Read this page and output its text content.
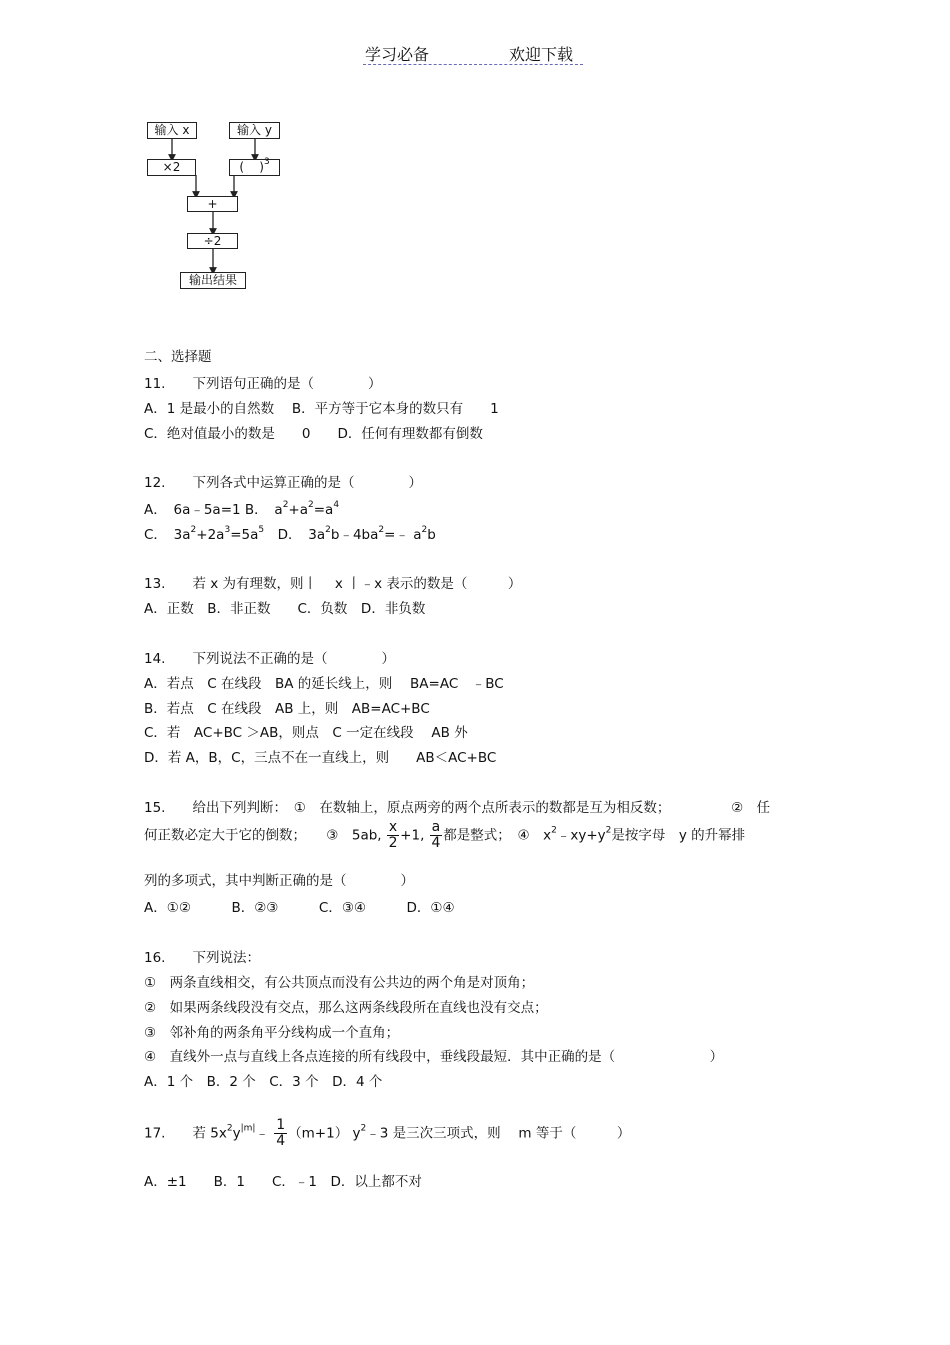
学习必备	欢迎下载
输入 x	输入 y
×2	( )$^3$
+
÷2
输出结果
二、选择题
11.　　下列语句正确的是（　　　　）
A．1 是最小的自然数　 B．平方等于它本身的数只有　　1
C．绝对值最小的数是　　0　　D．任何有理数都有倒数
12.　　下列各式中运算正确的是（　　　　）
A．　6a﹣5a=1 B．　$a^2+a^2=a^4$
C．　$3a^2+2a^3=5a^5$　D．　$3a^2b﹣4ba^2=﹣$ $a^2b$
13.　　若 x 为有理数，则丨　 x 丨﹣x 表示的数是（　　　）
A．正数　B．非正数　　C．负数　D．非负数
14.　　下列说法不正确的是（　　　　）
A．若点　C 在线段　BA 的延长线上，则　 BA=AC　﹣BC
B．若点　C 在线段　AB 上，则　AB=AC+BC
C．若　AC+BC ＞AB，则点　C 一定在线段　 AB 外
D．若 A，B，C，三点不在一直线上，则　　AB＜AC+BC
15.　　给出下列判断：　①　在数轴上，原点两旁的两个点所表示的数都是互为相反数；　　　　　②　任
何正数必定大于它的倒数；　　③　5ab, $\frac{x}{2} +1$, $\frac{a}{4}$ 都是整式；　④　$x^2﹣xy+y^2$是按字母　y 的升幂排
列的多项式，其中判断正确的是（　　　　）
A．①②　　　B．②③　　　C．③④　　　D．①④
16.　　下列说法：
①　两条直线相交，有公共顶点而没有公共边的两个角是对顶角；
②　如果两条线段没有交点，那么这两条线段所在直线也没有交点；
③　邻补角的两条角平分线构成一个直角；
④　直线外一点与直线上各点连接的所有线段中，垂线段最短．其中正确的是（　　　　　　　）
A．1 个　B．2 个　C．3 个　D．4 个
17.　　若 $5x^2y^{|m|}﹣ \frac{1}{4} (m+1)$ $y^2﹣3$ 是三次三项式，则　 m 等于（　　　）
A．±1　　B．1　　C．﹣1　D．以上都不对
